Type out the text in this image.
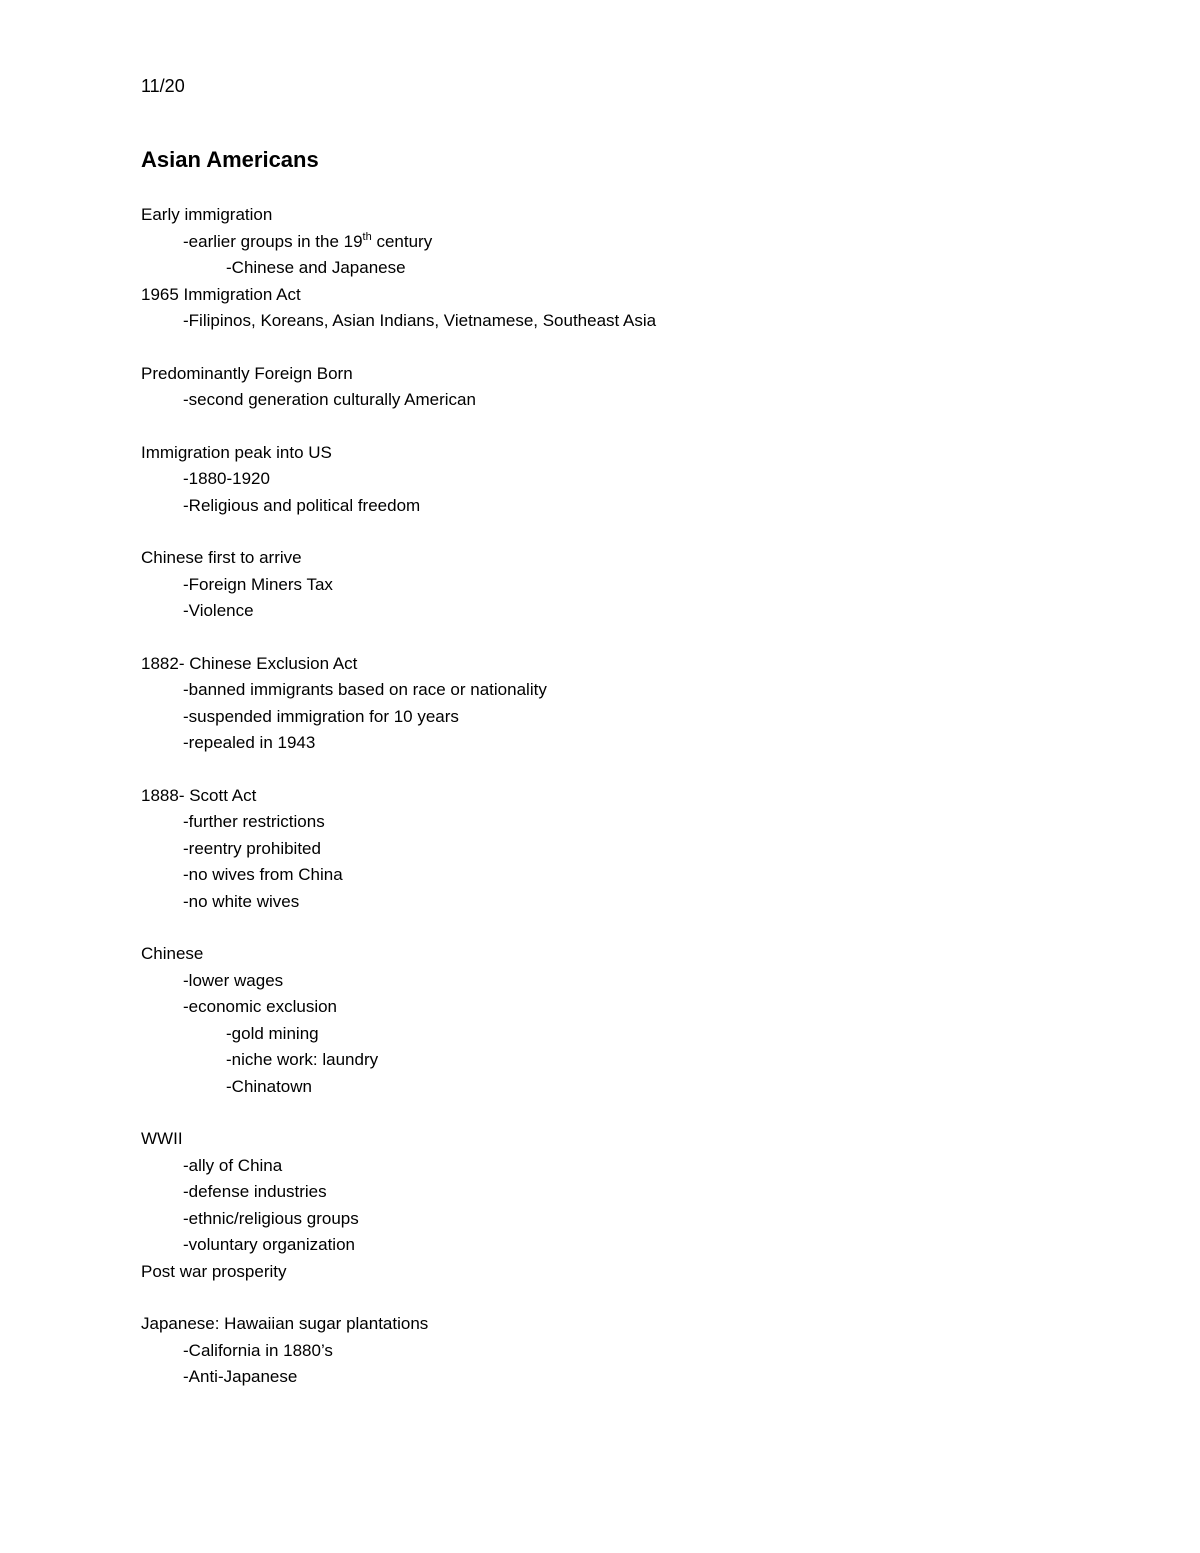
11/20
Asian Americans
Early immigration
-earlier groups in the 19th century
-Chinese and Japanese
1965 Immigration Act
-Filipinos, Koreans, Asian Indians, Vietnamese, Southeast Asia
Predominantly Foreign Born
-second generation culturally American
Immigration peak into US
-1880-1920
-Religious and political freedom
Chinese first to arrive
-Foreign Miners Tax
-Violence
1882- Chinese Exclusion Act
-banned immigrants based on race or nationality
-suspended immigration for 10 years
-repealed in 1943
1888- Scott Act
-further restrictions
-reentry prohibited
-no wives from China
-no white wives
Chinese
-lower wages
-economic exclusion
-gold mining
-niche work: laundry
-Chinatown
WWII
-ally of China
-defense industries
-ethnic/religious groups
-voluntary organization
Post war prosperity
Japanese: Hawaiian sugar plantations
-California in 1880’s
-Anti-Japanese
